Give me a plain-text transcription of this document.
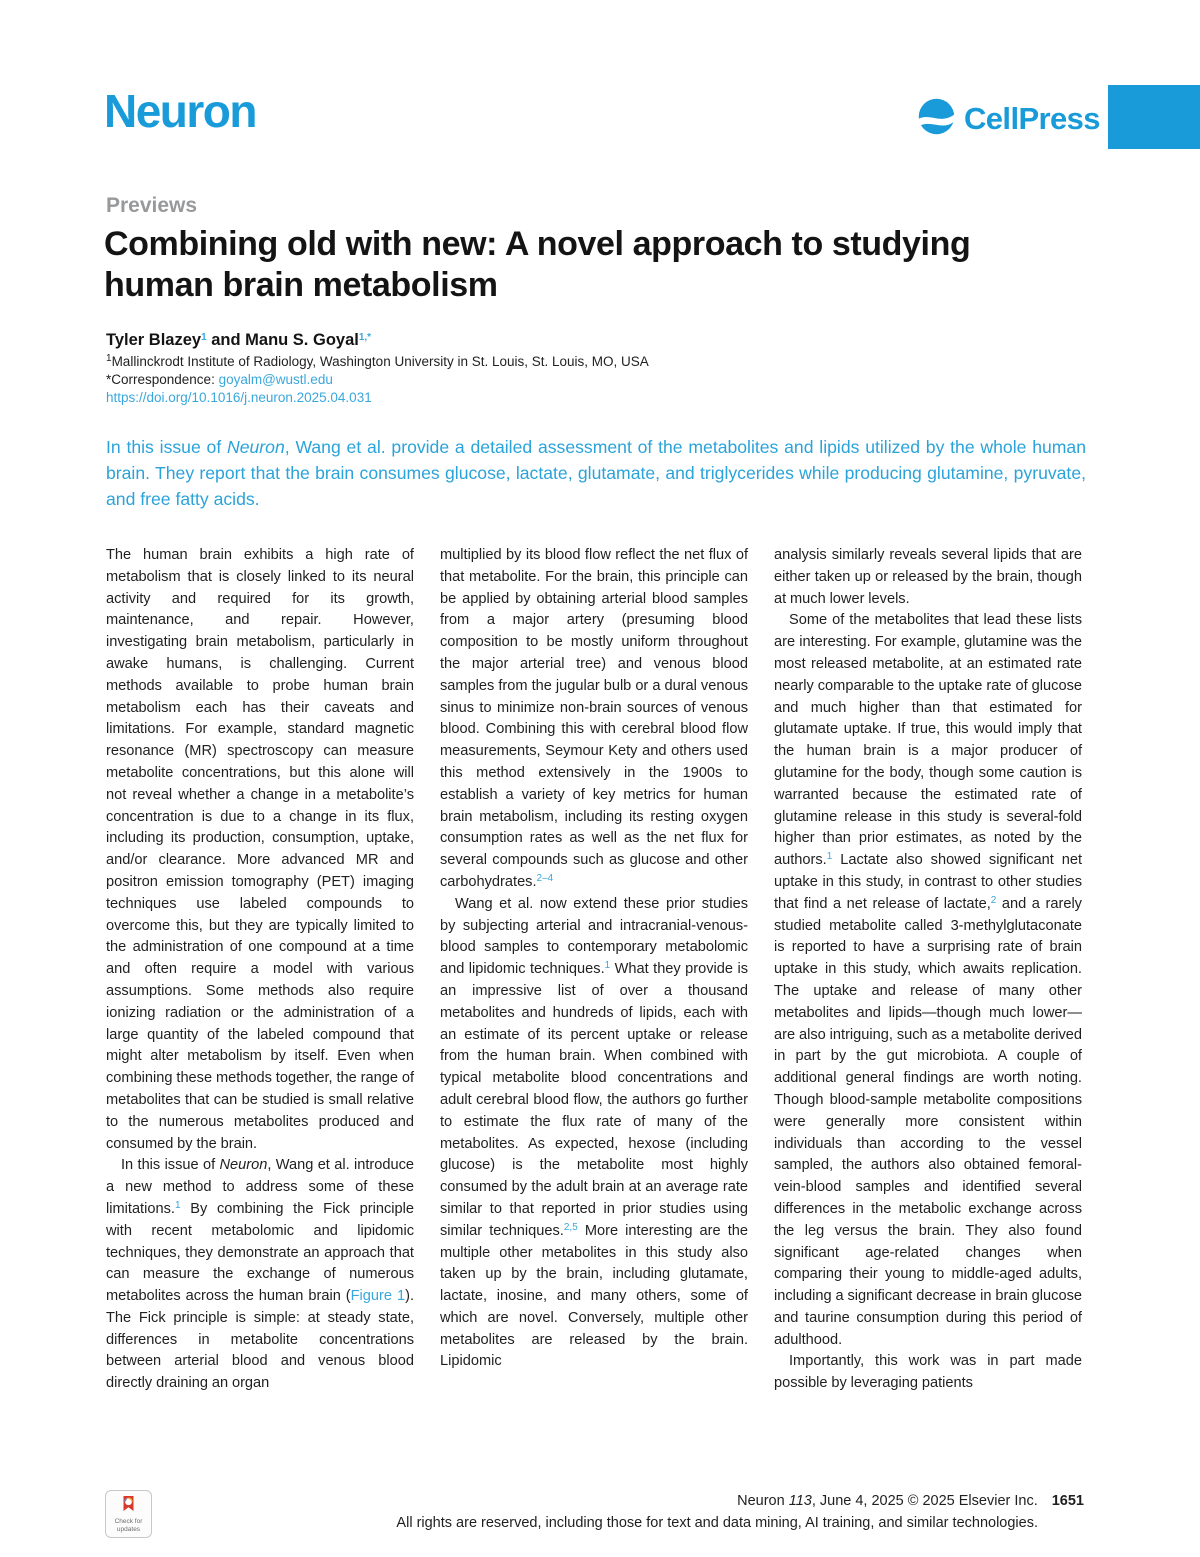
Neuron	CellPress
Previews
Combining old with new: A novel approach to studying human brain metabolism
Tyler Blazey$^1$ and Manu S. Goyal$^{1,*}$
$^1$Mallinckrodt Institute of Radiology, Washington University in St. Louis, St. Louis, MO, USA
*Correspondence: goyalm@wustl.edu
https://doi.org/10.1016/j.neuron.2025.04.031
In this issue of Neuron, Wang et al. provide a detailed assessment of the metabolites and lipids utilized by the whole human brain. They report that the brain consumes glucose, lactate, glutamate, and triglycerides while producing glutamine, pyruvate, and free fatty acids.

The human brain exhibits a high rate of metabolism that is closely linked to its neural activity and required for its growth, maintenance, and repair. However, investigating brain metabolism, particularly in awake humans, is challenging. Current methods available to probe human brain metabolism each has their caveats and limitations. For example, standard magnetic resonance (MR) spectroscopy can measure metabolite concentrations, but this alone will not reveal whether a change in a metabolite’s concentration is due to a change in its flux, including its production, consumption, uptake, and/or clearance. More advanced MR and positron emission tomography (PET) imaging techniques use labeled compounds to overcome this, but they are typically limited to the administration of one compound at a time and often require a model with various assumptions. Some methods also require ionizing radiation or the administration of a large quantity of the labeled compound that might alter metabolism by itself. Even when combining these methods together, the range of metabolites that can be studied is small relative to the numerous metabolites produced and consumed by the brain.

In this issue of Neuron, Wang et al. introduce a new method to address some of these limitations.$^1$ By combining the Fick principle with recent metabolomic and lipidomic techniques, they demonstrate an approach that can measure the exchange of numerous metabolites across the human brain (Figure 1). The Fick principle is simple: at steady state, differences in metabolite concentrations between arterial blood and venous blood directly draining an organ

multiplied by its blood flow reflect the net flux of that metabolite. For the brain, this principle can be applied by obtaining arterial blood samples from a major artery (presuming blood composition to be mostly uniform throughout the major arterial tree) and venous blood samples from the jugular bulb or a dural venous sinus to minimize non-brain sources of venous blood. Combining this with cerebral blood flow measurements, Seymour Kety and others used this method extensively in the 1900s to establish a variety of key metrics for human brain metabolism, including its resting oxygen consumption rates as well as the net flux for several compounds such as glucose and other carbohydrates.$^{2-4}$

Wang et al. now extend these prior studies by subjecting arterial and intracranial-venous-blood samples to contemporary metabolomic and lipidomic techniques.$^1$ What they provide is an impressive list of over a thousand metabolites and hundreds of lipids, each with an estimate of its percent uptake or release from the human brain. When combined with typical metabolite blood concentrations and adult cerebral blood flow, the authors go further to estimate the flux rate of many of the metabolites. As expected, hexose (including glucose) is the metabolite most highly consumed by the adult brain at an average rate similar to that reported in prior studies using similar techniques.$^{2,5}$ More interesting are the multiple other metabolites in this study also taken up by the brain, including glutamate, lactate, inosine, and many others, some of which are novel. Conversely, multiple other metabolites are released by the brain. Lipidomic

analysis similarly reveals several lipids that are either taken up or released by the brain, though at much lower levels.

Some of the metabolites that lead these lists are interesting. For example, glutamine was the most released metabolite, at an estimated rate nearly comparable to the uptake rate of glucose and much higher than that estimated for glutamate uptake. If true, this would imply that the human brain is a major producer of glutamine for the body, though some caution is warranted because the estimated rate of glutamine release in this study is several-fold higher than prior estimates, as noted by the authors.$^1$ Lactate also showed significant net uptake in this study, in contrast to other studies that find a net release of lactate,$^2$ and a rarely studied metabolite called 3-methylglutaconate is reported to have a surprising rate of brain uptake in this study, which awaits replication. The uptake and release of many other metabolites and lipids—though much lower—are also intriguing, such as a metabolite derived in part by the gut microbiota. A couple of additional general findings are worth noting. Though blood-sample metabolite compositions were generally more consistent within individuals than according to the vessel sampled, the authors also obtained femoral-vein-blood samples and identified several differences in the metabolic exchange across the leg versus the brain. They also found significant age-related changes when comparing their young to middle-aged adults, including a significant decrease in brain glucose and taurine consumption during this period of adulthood.

Importantly, this work was in part made possible by leveraging patients

Check for
updates
Neuron 113, June 4, 2025 © 2025 Elsevier Inc. 1651
All rights are reserved, including those for text and data mining, AI training, and similar technologies.
